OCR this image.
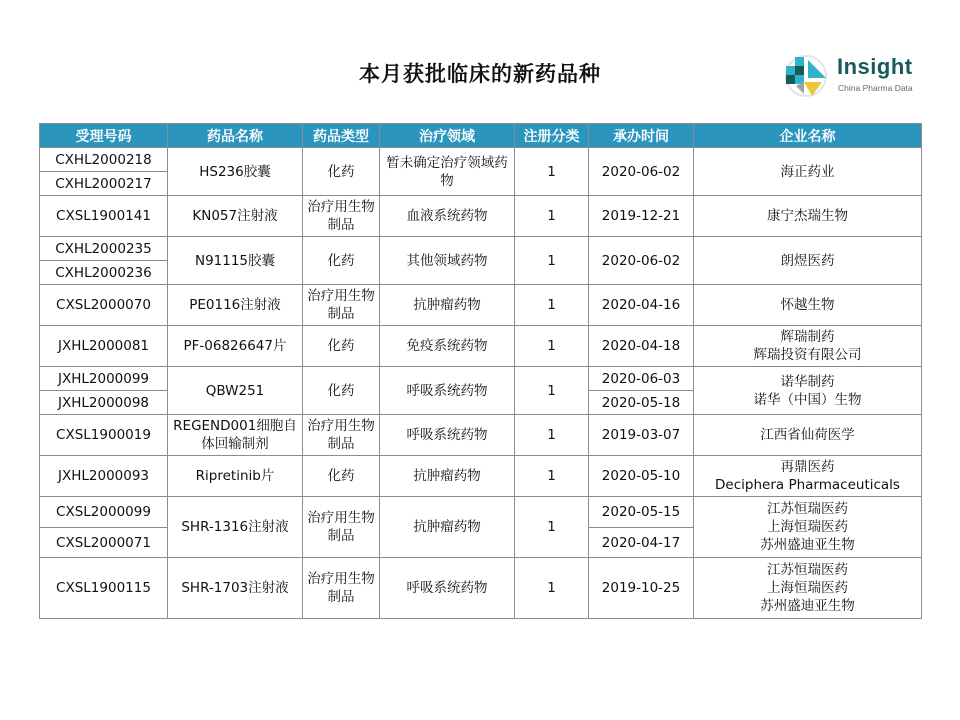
本月获批临床的新药品种	Insight
China Pharma Data
受理号码	药品名称	药品类型	治疗领域	注册分类	承办时间	企业名称
CXHL2000218	HS236胶囊	化药	暂未确定治疗领域药物	1	2020-06-02	海正药业
CXHL2000217						
CXSL1900141	KN057注射液	治疗用生物制品	血液系统药物	1	2019-12-21	康宁杰瑞生物
CXHL2000235	N91115胶囊	化药	其他领域药物	1	2020-06-02	朗煜医药
CXHL2000236						
CXSL2000070	PE0116注射液	治疗用生物制品	抗肿瘤药物	1	2020-04-16	怀越生物
JXHL2000081	PF-06826647片	化药	免疫系统药物	1	2020-04-18	辉瑞制药
辉瑞投资有限公司

JXHL2000099	QBW251	化药	呼吸系统药物	1	2020-06-03	诺华制药
诺华（中国）生物

JXHL2000098					2020-05-18	
CXSL1900019	REGEND001细胞自体回输制剂	治疗用生物制品	呼吸系统药物	1	2019-03-07	江西省仙荷医学
JXHL2000093	Ripretinib片	化药	抗肿瘤药物	1	2020-05-10	再鼎医药
Deciphera Pharmaceuticals

CXSL2000099	SHR-1316注射液	治疗用生物制品	抗肿瘤药物	1	2020-05-15	江苏恒瑞医药
上海恒瑞医药
苏州盛迪亚生物

CXSL2000071					2020-04-17	
CXSL1900115	SHR-1703注射液	治疗用生物制品	呼吸系统药物	1	2019-10-25	江苏恒瑞医药
上海恒瑞医药
苏州盛迪亚生物
